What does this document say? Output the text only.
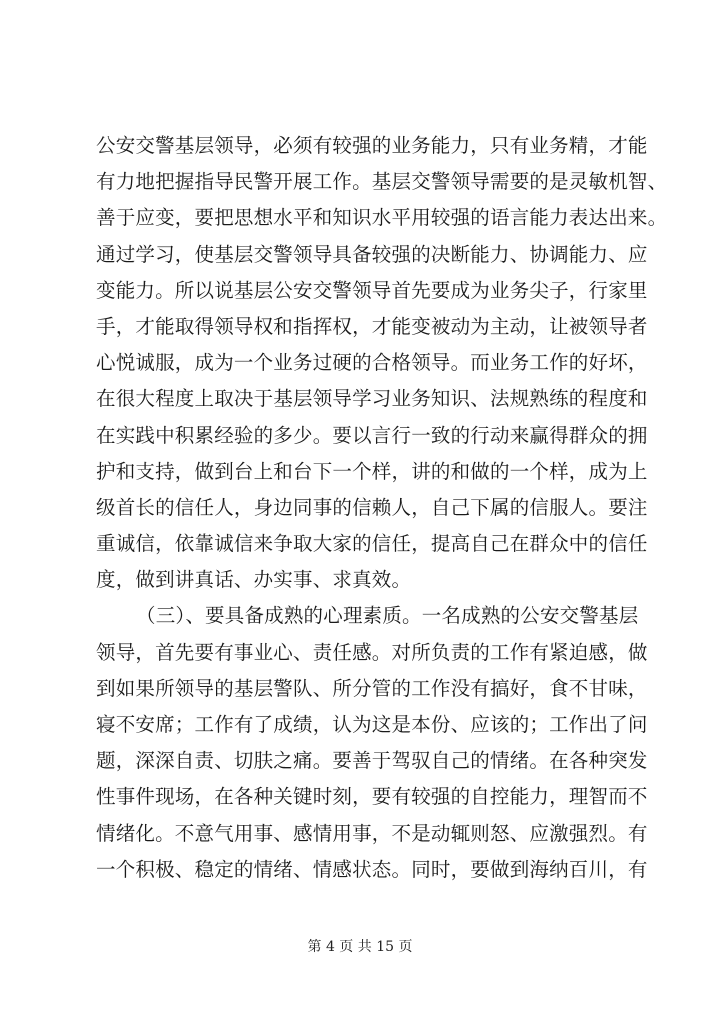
公安交警基层领导，必须有较强的业务能力，只有业务精，才能
有力地把握指导民警开展工作。基层交警领导需要的是灵敏机智、
善于应变，要把思想水平和知识水平用较强的语言能力表达出来。
通过学习，使基层交警领导具备较强的决断能力、协调能力、应
变能力。所以说基层公安交警领导首先要成为业务尖子，行家里
手，才能取得领导权和指挥权，才能变被动为主动，让被领导者
心悦诚服，成为一个业务过硬的合格领导。而业务工作的好坏，
在很大程度上取决于基层领导学习业务知识、法规熟练的程度和
在实践中积累经验的多少。要以言行一致的行动来赢得群众的拥
护和支持，做到台上和台下一个样，讲的和做的一个样，成为上
级首长的信任人，身边同事的信赖人，自己下属的信服人。要注
重诚信，依靠诚信来争取大家的信任，提高自己在群众中的信任
度，做到讲真话、办实事、求真效。
（三）、要具备成熟的心理素质。一名成熟的公安交警基层
领导，首先要有事业心、责任感。对所负责的工作有紧迫感，做
到如果所领导的基层警队、所分管的工作没有搞好，食不甘味，
寝不安席；工作有了成绩，认为这是本份、应该的；工作出了问
题，深深自责、切肤之痛。要善于驾驭自己的情绪。在各种突发
性事件现场，在各种关键时刻，要有较强的自控能力，理智而不
情绪化。不意气用事、感情用事，不是动辄则怒、应激强烈。有
一个积极、稳定的情绪、情感状态。同时，要做到海纳百川，有
第 4 页 共 15 页
